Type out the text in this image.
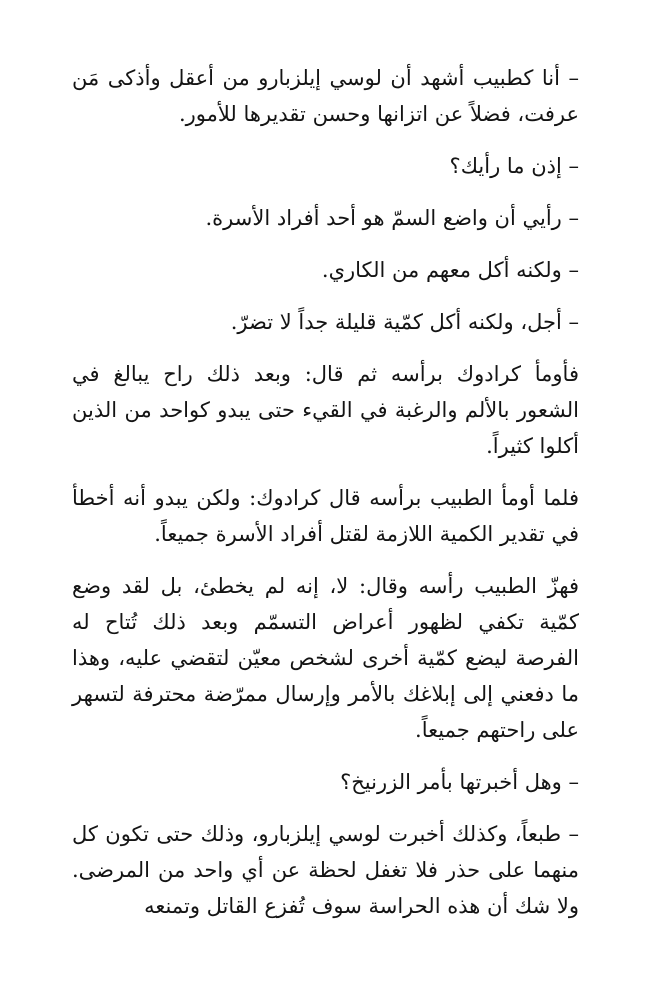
– أنا كطبيب أشهد أن لوسي إيلزبارو من أعقل وأذكى مَن عرفت، فضلاً عن اتزانها وحسن تقديرها للأمور.

– إذن ما رأيك؟

– رأيي أن واضع السمّ هو أحد أفراد الأسرة.

– ولكنه أكل معهم من الكاري.

– أجل، ولكنه أكل كمّية قليلة جداً لا تضرّ.

فأومأ كرادوك برأسه ثم قال: وبعد ذلك راح يبالغ في الشعور بالألم والرغبة في القيء حتى يبدو كواحد من الذين أكلوا كثيراً.

فلما أومأ الطبيب برأسه قال كرادوك: ولكن يبدو أنه أخطأ في تقدير الكمية اللازمة لقتل أفراد الأسرة جميعاً.

فهزّ الطبيب رأسه وقال: لا، إنه لم يخطئ، بل لقد وضع كمّية تكفي لظهور أعراض التسمّم وبعد ذلك تُتاح له الفرصة ليضع كمّية أخرى لشخص معيّن لتقضي عليه، وهذا ما دفعني إلى إبلاغك بالأمر وإرسال ممرّضة محترفة لتسهر على راحتهم جميعاً.

– وهل أخبرتها بأمر الزرنيخ؟

– طبعاً، وكذلك أخبرت لوسي إيلزبارو، وذلك حتى تكون كل منهما على حذر فلا تغفل لحظة عن أي واحد من المرضى. ولا شك أن هذه الحراسة سوف تُفزع القاتل وتمنعه
